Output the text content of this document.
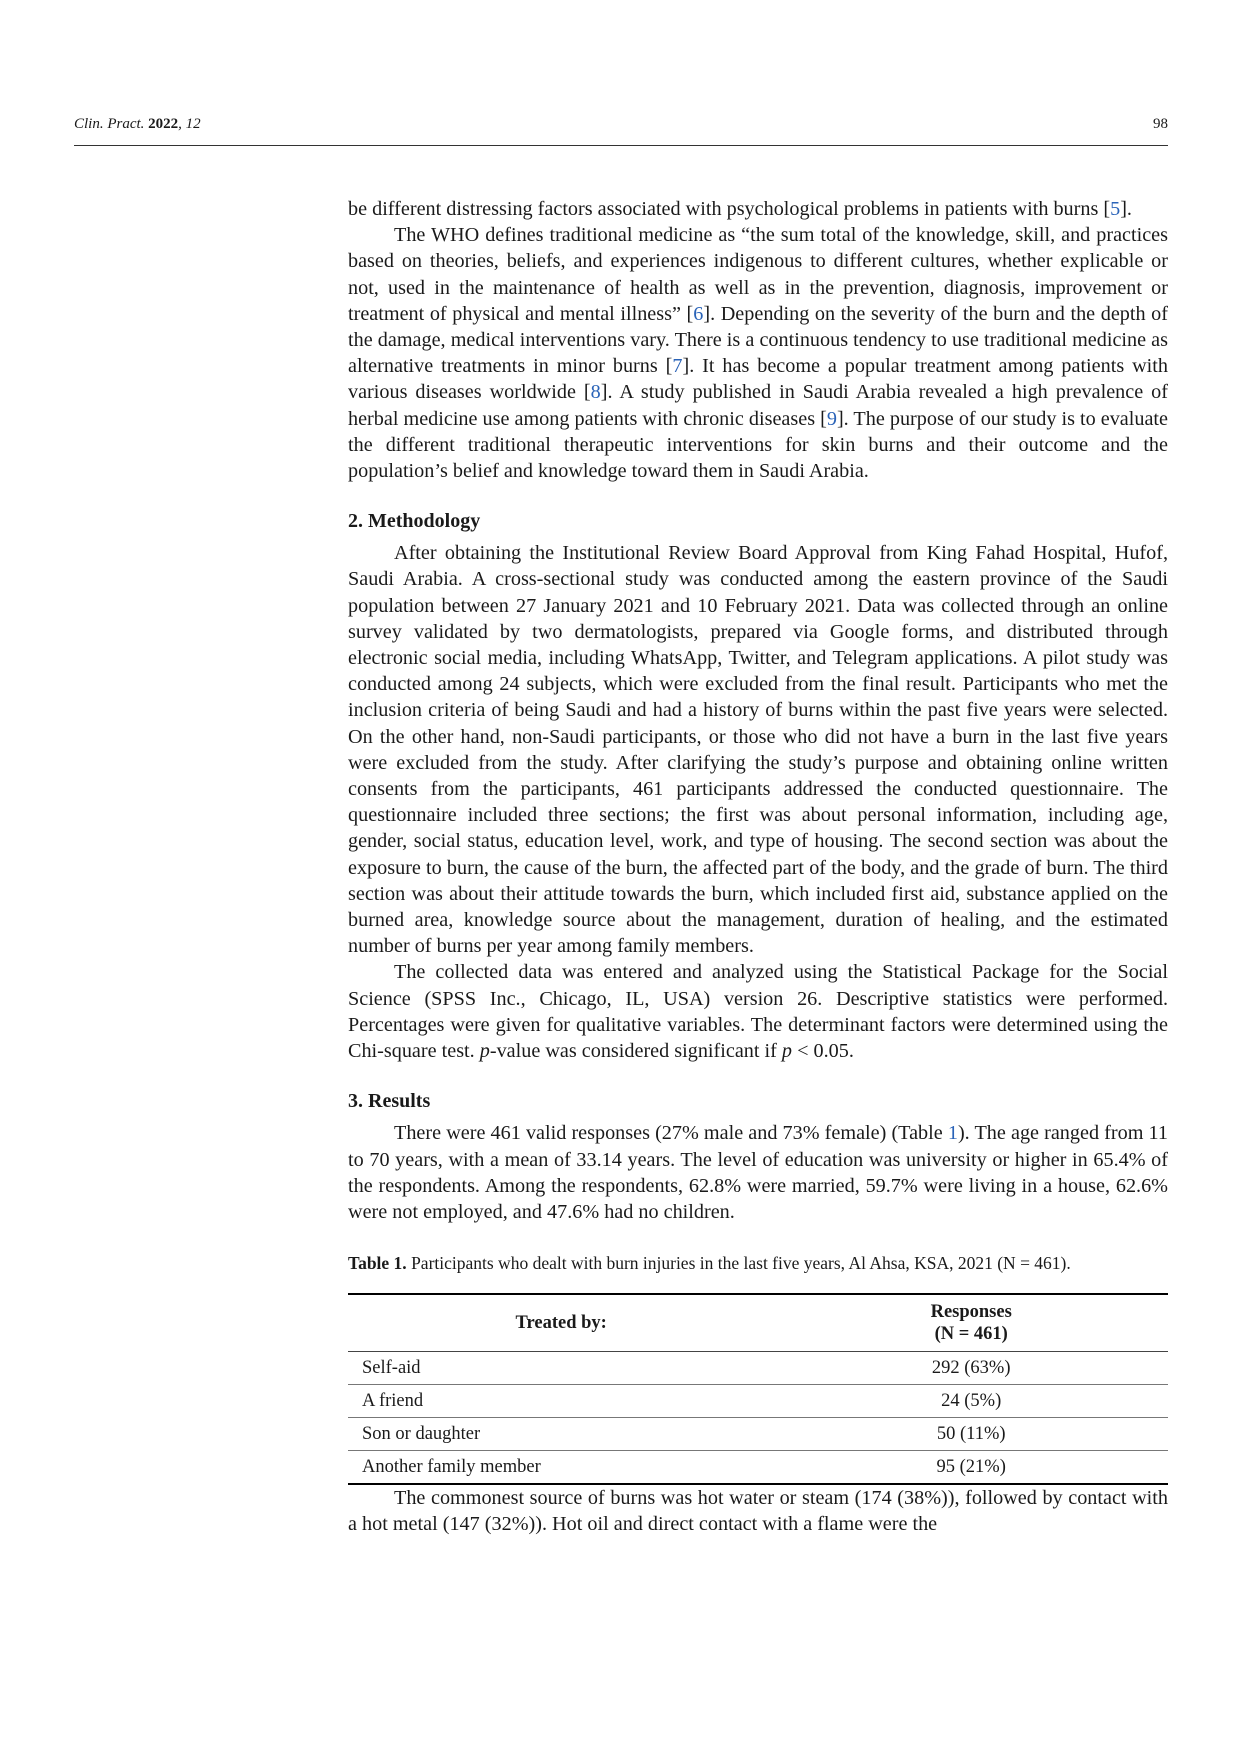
Clin. Pract. 2022, 12	98

be different distressing factors associated with psychological problems in patients with burns [5].

The WHO defines traditional medicine as “the sum total of the knowledge, skill, and practices based on theories, beliefs, and experiences indigenous to different cultures, whether explicable or not, used in the maintenance of health as well as in the prevention, diagnosis, improvement or treatment of physical and mental illness” [6]. Depending on the severity of the burn and the depth of the damage, medical interventions vary. There is a continuous tendency to use traditional medicine as alternative treatments in minor burns [7]. It has become a popular treatment among patients with various diseases worldwide [8]. A study published in Saudi Arabia revealed a high prevalence of herbal medicine use among patients with chronic diseases [9]. The purpose of our study is to evaluate the different traditional therapeutic interventions for skin burns and their outcome and the population’s belief and knowledge toward them in Saudi Arabia.

2. Methodology

After obtaining the Institutional Review Board Approval from King Fahad Hospital, Hufof, Saudi Arabia. A cross-sectional study was conducted among the eastern province of the Saudi population between 27 January 2021 and 10 February 2021. Data was collected through an online survey validated by two dermatologists, prepared via Google forms, and distributed through electronic social media, including WhatsApp, Twitter, and Telegram applications. A pilot study was conducted among 24 subjects, which were excluded from the final result. Participants who met the inclusion criteria of being Saudi and had a history of burns within the past five years were selected. On the other hand, non-Saudi participants, or those who did not have a burn in the last five years were excluded from the study. After clarifying the study’s purpose and obtaining online written consents from the participants, 461 participants addressed the conducted questionnaire. The questionnaire included three sections; the first was about personal information, including age, gender, social status, education level, work, and type of housing. The second section was about the exposure to burn, the cause of the burn, the affected part of the body, and the grade of burn. The third section was about their attitude towards the burn, which included first aid, substance applied on the burned area, knowledge source about the management, duration of healing, and the estimated number of burns per year among family members.

The collected data was entered and analyzed using the Statistical Package for the Social Science (SPSS Inc., Chicago, IL, USA) version 26. Descriptive statistics were performed. Percentages were given for qualitative variables. The determinant factors were determined using the Chi-square test. p-value was considered significant if p < 0.05.

3. Results

There were 461 valid responses (27% male and 73% female) (Table 1). The age ranged from 11 to 70 years, with a mean of 33.14 years. The level of education was university or higher in 65.4% of the respondents. Among the respondents, 62.8% were married, 59.7% were living in a house, 62.6% were not employed, and 47.6% had no children.

Table 1. Participants who dealt with burn injuries in the last five years, Al Ahsa, KSA, 2021 (N = 461).
Treated by:	Responses
(N = 461)
Self-aid	292 (63%)
A friend	24 (5%)
Son or daughter	50 (11%)
Another family member	95 (21%)

The commonest source of burns was hot water or steam (174 (38%)), followed by contact with a hot metal (147 (32%)). Hot oil and direct contact with a flame were the
